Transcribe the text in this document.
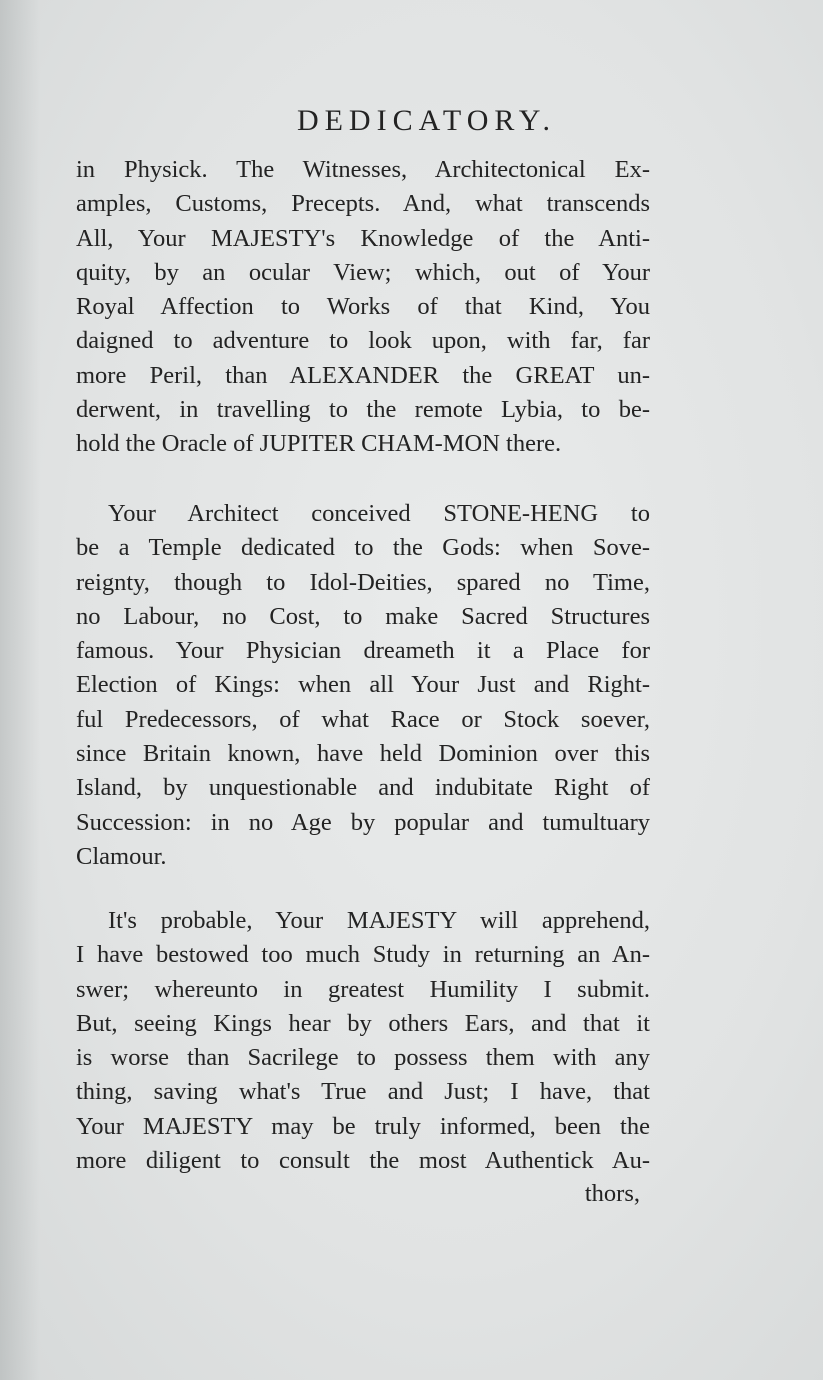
DEDICATORY.
in Physick. The Witnesses, Architectonical Ex-
amples, Customs, Precepts. And, what transcends
All, Your MAJESTY's Knowledge of the Anti-
quity, by an ocular View; which, out of Your
Royal Affection to Works of that Kind, You
daigned to adventure to look upon, with far, far
more Peril, than ALEXANDER the GREAT un-
derwent, in travelling to the remote Lybia, to be-
hold the Oracle of JUPITER CHAM-MON there.
Your Architect conceived STONE-HENG to
be a Temple dedicated to the Gods: when Sove-
reignty, though to Idol-Deities, spared no Time,
no Labour, no Cost, to make Sacred Structures
famous. Your Physician dreameth it a Place for
Election of Kings: when all Your Just and Right-
ful Predecessors, of what Race or Stock soever,
since Britain known, have held Dominion over this
Island, by unquestionable and indubitate Right of
Succession: in no Age by popular and tumultuary
Clamour.
It's probable, Your MAJESTY will apprehend,
I have bestowed too much Study in returning an An-
swer; whereunto in greatest Humility I submit.
But, seeing Kings hear by others Ears, and that it
is worse than Sacrilege to possess them with any
thing, saving what's True and Just; I have, that
Your MAJESTY may be truly informed, been the
more diligent to consult the most Authentick Au-
thors,
